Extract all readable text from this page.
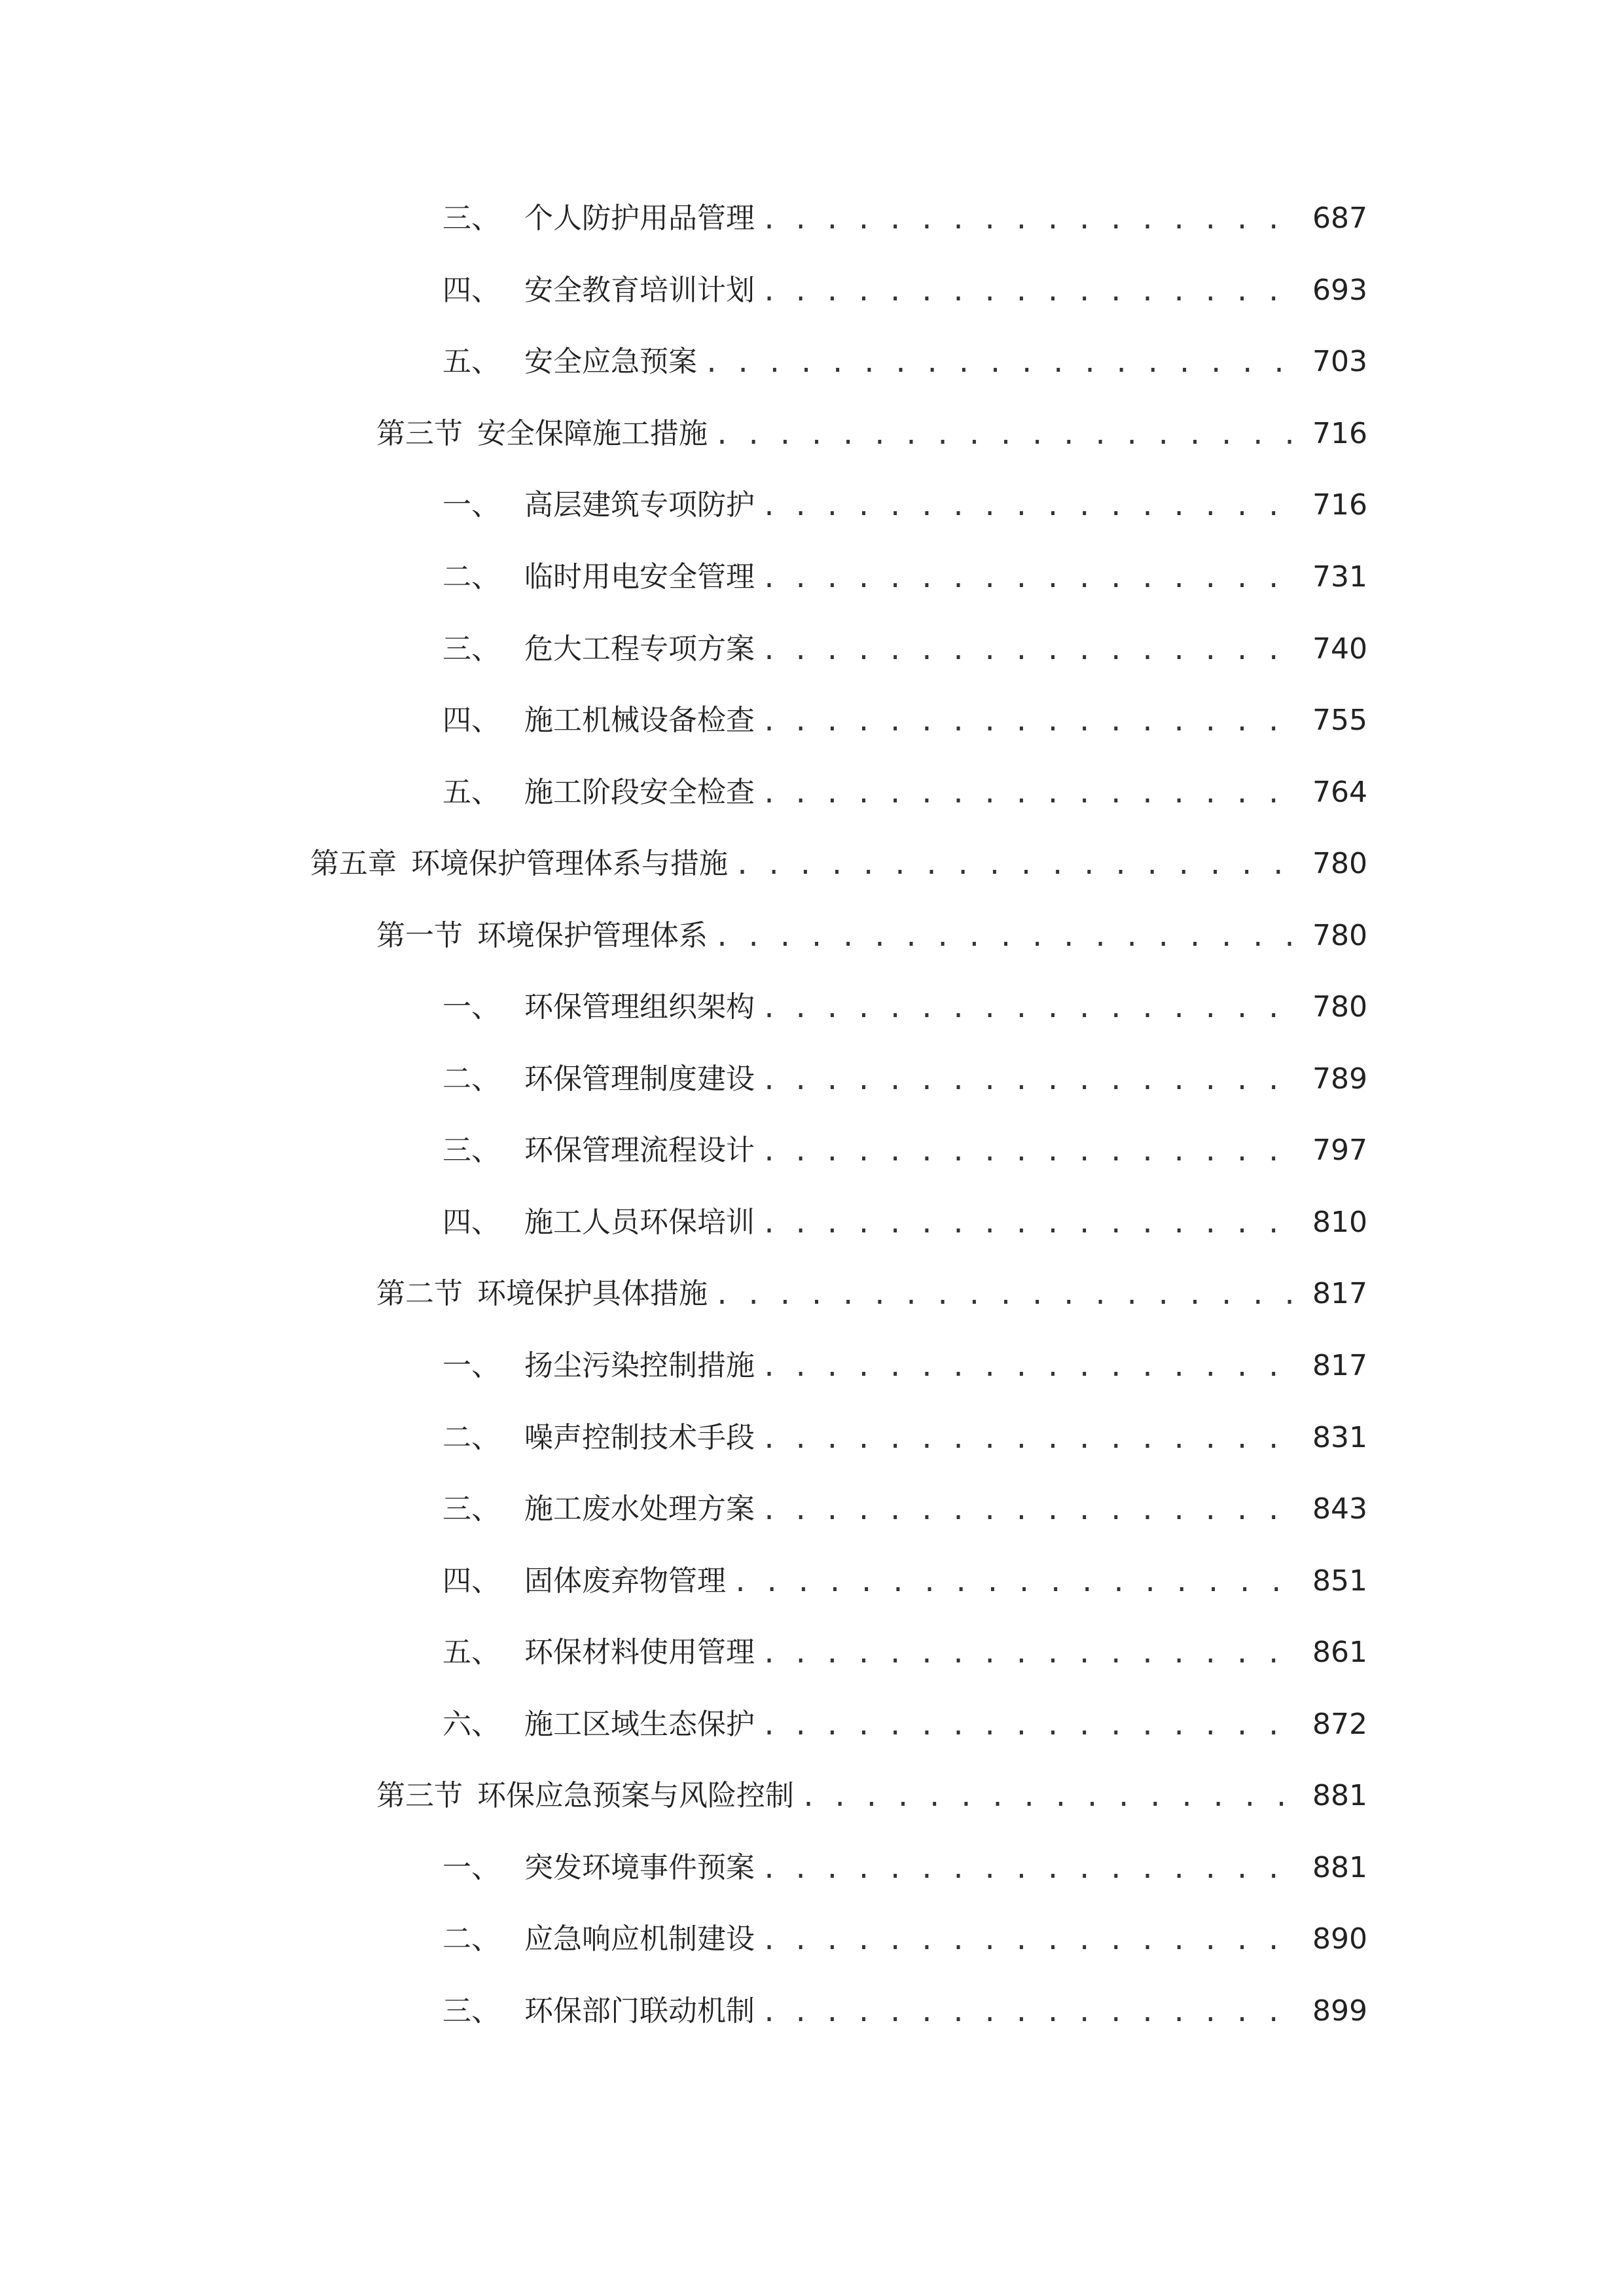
三、 个人防护用品管理 . . .	687
四、 安全教育培训计划 . . .	693
五、 安全应急预案 . . .	703
第三节 安全保障施工措施 . . .	716
一、 高层建筑专项防护 . . .	716
二、 临时用电安全管理 . . .	731
三、 危大工程专项方案 . . .	740
四、 施工机械设备检查 . . .	755
五、 施工阶段安全检查 . . .	764
第五章 环境保护管理体系与措施 . . .	780
第一节 环境保护管理体系 . . .	780
一、 环保管理组织架构 . . .	780
二、 环保管理制度建设 . . .	789
三、 环保管理流程设计 . . .	797
四、 施工人员环保培训 . . .	810
第二节 环境保护具体措施 . . .	817
一、 扬尘污染控制措施 . . .	817
二、 噪声控制技术手段 . . .	831
三、 施工废水处理方案 . . .	843
四、 固体废弃物管理 . . .	851
五、 环保材料使用管理 . . .	861
六、 施工区域生态保护 . . .	872
第三节 环保应急预案与风险控制 . . .	881
一、 突发环境事件预案 . . .	881
二、 应急响应机制建设 . . .	890
三、 环保部门联动机制 . . .	899
